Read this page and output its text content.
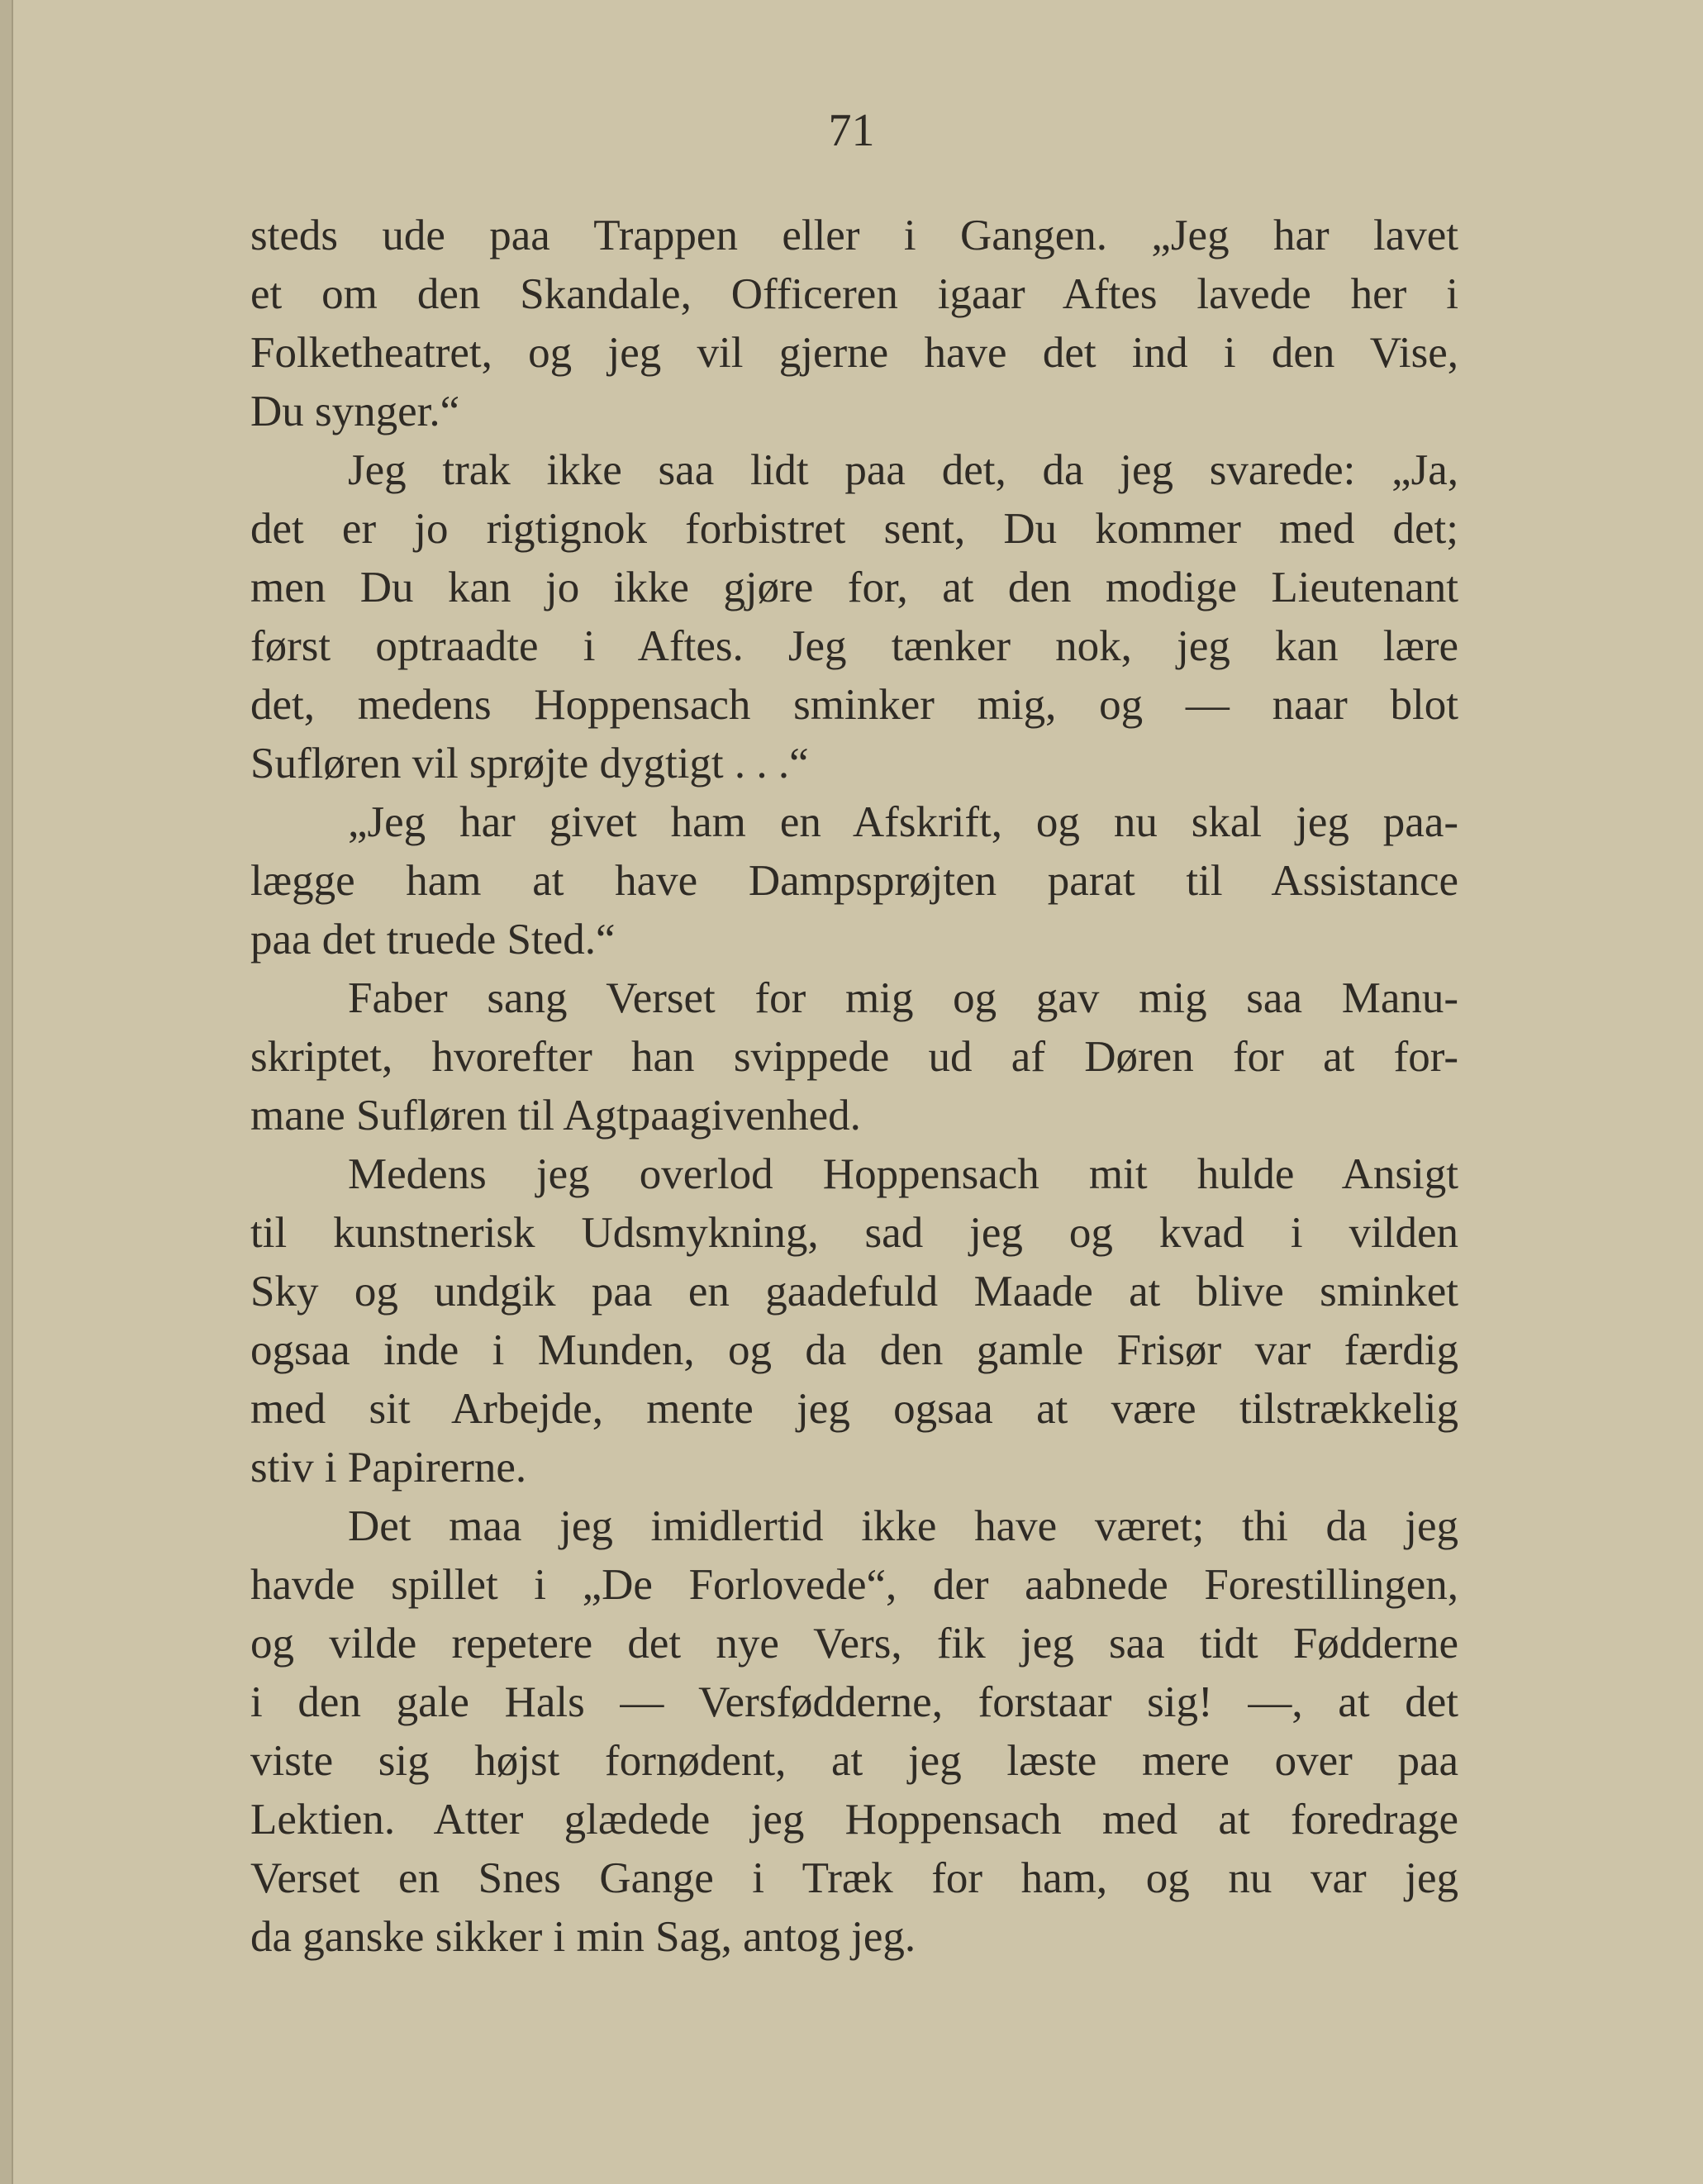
71
steds ude paa Trappen eller i Gangen. „Jeg har lavet
et om den Skandale, Officeren igaar Aftes lavede her i
Folketheatret, og jeg vil gjerne have det ind i den Vise,
Du synger.“
Jeg trak ikke saa lidt paa det, da jeg svarede: „Ja,
det er jo rigtignok forbistret sent, Du kommer med det;
men Du kan jo ikke gjøre for, at den modige Lieutenant
først optraadte i Aftes. Jeg tænker nok, jeg kan lære
det, medens Hoppensach sminker mig, og — naar blot
Sufløren vil sprøjte dygtigt . . .“
„Jeg har givet ham en Afskrift, og nu skal jeg paa-
lægge ham at have Dampsprøjten parat til Assistance
paa det truede Sted.“
Faber sang Verset for mig og gav mig saa Manu-
skriptet, hvorefter han svippede ud af Døren for at for-
mane Sufløren til Agtpaagivenhed.
Medens jeg overlod Hoppensach mit hulde Ansigt
til kunstnerisk Udsmykning, sad jeg og kvad i vilden
Sky og undgik paa en gaadefuld Maade at blive sminket
ogsaa inde i Munden, og da den gamle Frisør var færdig
med sit Arbejde, mente jeg ogsaa at være tilstrækkelig
stiv i Papirerne.
Det maa jeg imidlertid ikke have været; thi da jeg
havde spillet i „De Forlovede“, der aabnede Forestillingen,
og vilde repetere det nye Vers, fik jeg saa tidt Fødderne
i den gale Hals — Versfødderne, forstaar sig! —, at det
viste sig højst fornødent, at jeg læste mere over paa
Lektien. Atter glædede jeg Hoppensach med at foredrage
Verset en Snes Gange i Træk for ham, og nu var jeg
da ganske sikker i min Sag, antog jeg.
